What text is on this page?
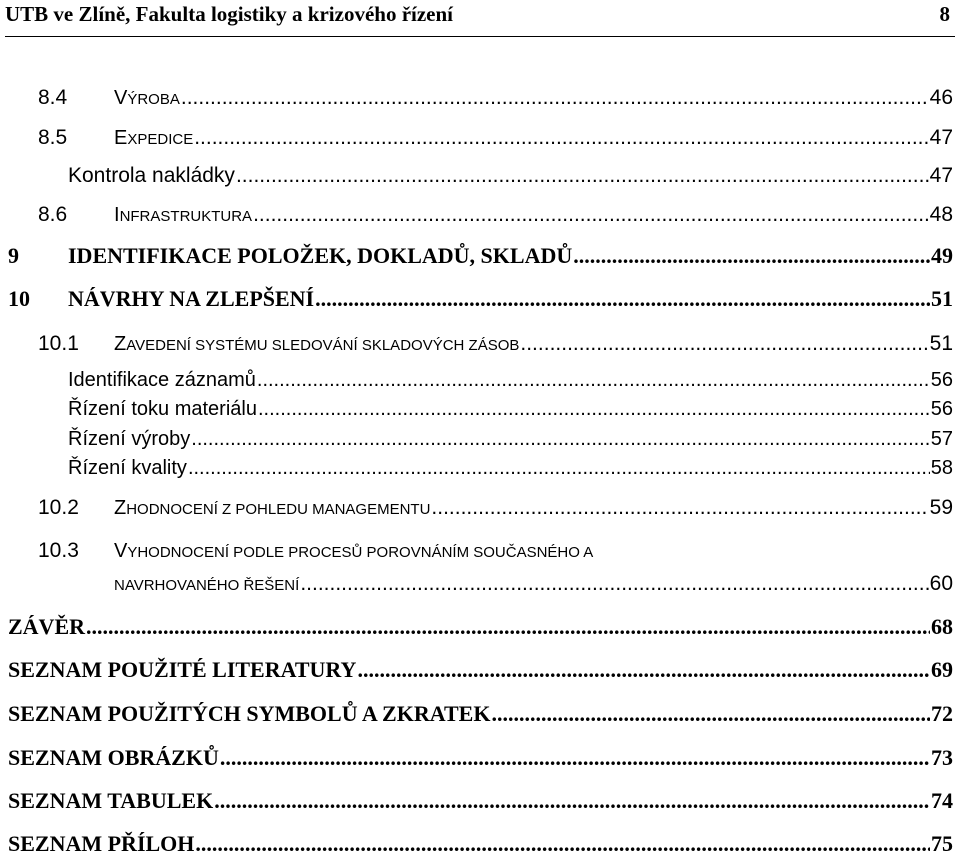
UTB ve Zlíně, Fakulta logistiky a krizového řízení	8
8.4	VÝROBA .....	46
8.5	EXPEDICE .....	47
Kontrola nakládky .....	47
8.6	INFRASTRUKTURA .....	48
9	IDENTIFIKACE POLOŽEK, DOKLADŮ, SKLADŮ .....	49
10	NÁVRHY NA ZLEPŠENÍ .....	51
10.1	ZAVEDENÍ SYSTÉMU SLEDOVÁNÍ SKLADOVÝCH ZÁSOB .....	51
Identifikace záznamů .....	56
Řízení toku materiálu .....	56
Řízení výroby .....	57
Řízení kvality .....	58
10.2	ZHODNOCENÍ Z POHLEDU MANAGEMENTU .....	59
10.3	VYHODNOCENÍ PODLE PROCESŮ POROVNÁNÍM SOUČASNÉHO A
NAVRHOVANÉHO ŘEŠENÍ .....	60
ZÁVĚR .....	68
SEZNAM POUŽITÉ LITERATURY .....	69
SEZNAM POUŽITÝCH SYMBOLŮ A ZKRATEK .....	72
SEZNAM OBRÁZKŮ .....	73
SEZNAM TABULEK .....	74
SEZNAM PŘÍLOH .....	75
